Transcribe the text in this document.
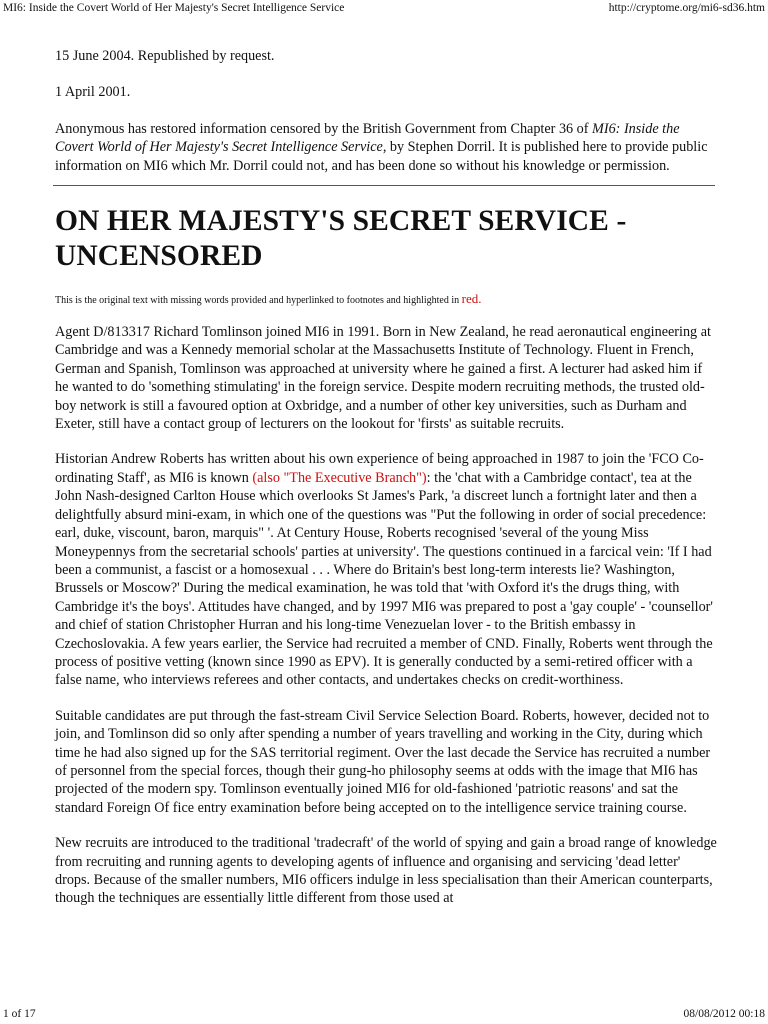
MI6: Inside the Covert World of Her Majesty's Secret Intelligence Service	http://cryptome.org/mi6-sd36.htm

15 June 2004. Republished by request.

1 April 2001.

Anonymous has restored information censored by the British Government from Chapter 36 of MI6: Inside the Covert World of Her Majesty's Secret Intelligence Service, by Stephen Dorril. It is published here to provide public information on MI6 which Mr. Dorril could not, and has been done so without his knowledge or permission.

ON HER MAJESTY'S SECRET SERVICE - UNCENSORED

This is the original text with missing words provided and hyperlinked to footnotes and highlighted in red.

Agent D/813317 Richard Tomlinson joined MI6 in 1991. Born in New Zealand, he read aeronautical engineering at Cambridge and was a Kennedy memorial scholar at the Massachusetts Institute of Technology. Fluent in French, German and Spanish, Tomlinson was approached at university where he gained a first. A lecturer had asked him if he wanted to do 'something stimulating' in the foreign service. Despite modern recruiting methods, the trusted old-boy network is still a favoured option at Oxbridge, and a number of other key universities, such as Durham and Exeter, still have a contact group of lecturers on the lookout for 'firsts' as suitable recruits.

Historian Andrew Roberts has written about his own experience of being approached in 1987 to join the 'FCO Co-ordinating Staff', as MI6 is known (also "The Executive Branch"): the 'chat with a Cambridge contact', tea at the John Nash-designed Carlton House which overlooks St James's Park, 'a discreet lunch a fortnight later and then a delightfully absurd mini-exam, in which one of the questions was "Put the following in order of social precedence: earl, duke, viscount, baron, marquis" '. At Century House, Roberts recognised 'several of the young Miss Moneypennys from the secretarial schools' parties at university'. The questions continued in a farcical vein: 'If I had been a communist, a fascist or a homosexual . . . Where do Britain's best long-term interests lie? Washington, Brussels or Moscow?' During the medical examination, he was told that 'with Oxford it's the drugs thing, with Cambridge it's the boys'. Attitudes have changed, and by 1997 MI6 was prepared to post a 'gay couple' - 'counsellor' and chief of station Christopher Hurran and his long-time Venezuelan lover - to the British embassy in Czechoslovakia. A few years earlier, the Service had recruited a member of CND. Finally, Roberts went through the process of positive vetting (known since 1990 as EPV). It is generally conducted by a semi-retired officer with a false name, who interviews referees and other contacts, and undertakes checks on credit-worthiness.

Suitable candidates are put through the fast-stream Civil Service Selection Board. Roberts, however, decided not to join, and Tomlinson did so only after spending a number of years travelling and working in the City, during which time he had also signed up for the SAS territorial regiment. Over the last decade the Service has recruited a number of personnel from the special forces, though their gung-ho philosophy seems at odds with the image that MI6 has projected of the modern spy. Tomlinson eventually joined MI6 for old-fashioned 'patriotic reasons' and sat the standard Foreign Of fice entry examination before being accepted on to the intelligence service training course.

New recruits are introduced to the traditional 'tradecraft' of the world of spying and gain a broad range of knowledge from recruiting and running agents to developing agents of influence and organising and servicing 'dead letter' drops. Because of the smaller numbers, MI6 officers indulge in less specialisation than their American counterparts, though the techniques are essentially little different from those used at

1 of 17	08/08/2012 00:18
